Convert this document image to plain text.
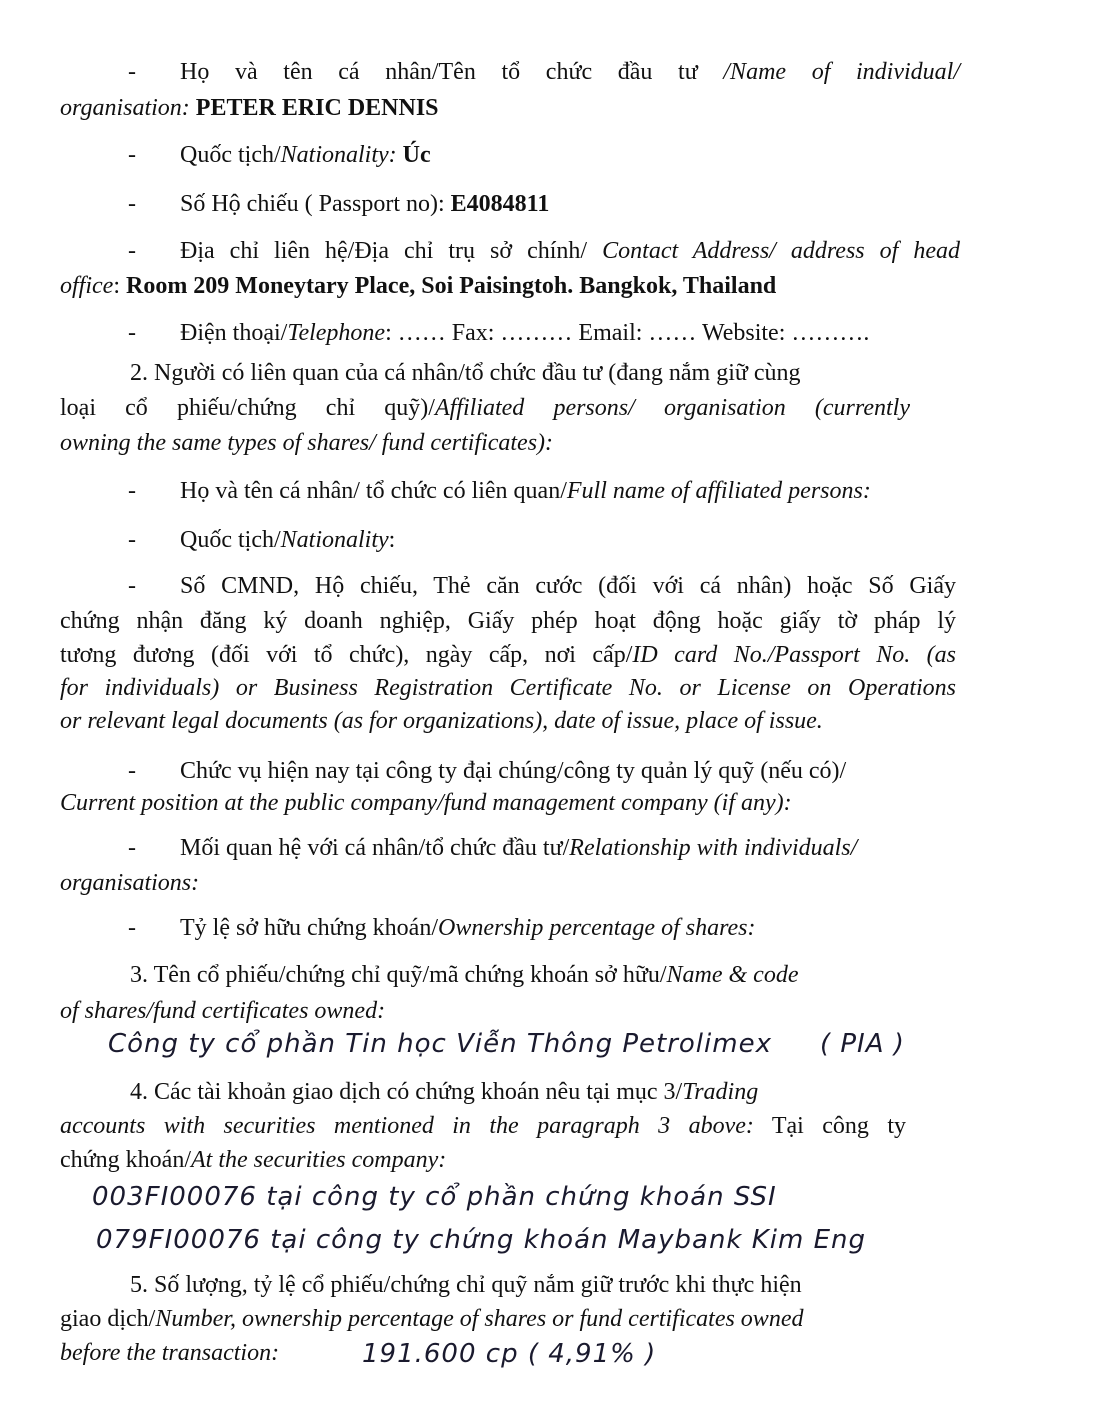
- Họ và tên cá nhân/Tên tổ chức đầu tư /Name of individual/
organisation: PETER ERIC DENNIS
- Quốc tịch/Nationality: Úc
- Số Hộ chiếu ( Passport no): E4084811
- Địa chỉ liên hệ/Địa chỉ trụ sở chính/ Contact Address/ address of head
office: Room 209 Moneytary Place, Soi Paisingtoh. Bangkok, Thailand
- Điện thoại/Telephone: …… Fax: ……… Email: …… Website: ……….
2. Người có liên quan của cá nhân/tổ chức đầu tư (đang nắm giữ cùng
loại cổ phiếu/chứng chỉ quỹ)/Affiliated persons/ organisation (currently
owning the same types of shares/ fund certificates):
- Họ và tên cá nhân/ tổ chức có liên quan/Full name of affiliated persons:
- Quốc tịch/Nationality:
- Số CMND, Hộ chiếu, Thẻ căn cước (đối với cá nhân) hoặc Số Giấy
chứng nhận đăng ký doanh nghiệp, Giấy phép hoạt động hoặc giấy tờ pháp lý
tương đương (đối với tổ chức), ngày cấp, nơi cấp/ID card No./Passport No. (as
for individuals) or Business Registration Certificate No. or License on Operations
or relevant legal documents (as for organizations), date of issue, place of issue.
- Chức vụ hiện nay tại công ty đại chúng/công ty quản lý quỹ (nếu có)/
Current position at the public company/fund management company (if any):
- Mối quan hệ với cá nhân/tổ chức đầu tư/Relationship with individuals/
organisations:
- Tỷ lệ sở hữu chứng khoán/Ownership percentage of shares:
3. Tên cổ phiếu/chứng chỉ quỹ/mã chứng khoán sở hữu/Name & code
of shares/fund certificates owned:
Công ty cổ phần Tin học Viễn Thông Petrolimex ( PIA )
4. Các tài khoản giao dịch có chứng khoán nêu tại mục 3/Trading
accounts with securities mentioned in the paragraph 3 above: Tại công ty
chứng khoán/At the securities company:
003FI00076 tại công ty cổ phần chứng khoán SSI
079FI00076 tại công ty chứng khoán Maybank Kim Eng
5. Số lượng, tỷ lệ cổ phiếu/chứng chỉ quỹ nắm giữ trước khi thực hiện
giao dịch/Number, ownership percentage of shares or fund certificates owned
before the transaction:	191.600 cp ( 4,91% )
